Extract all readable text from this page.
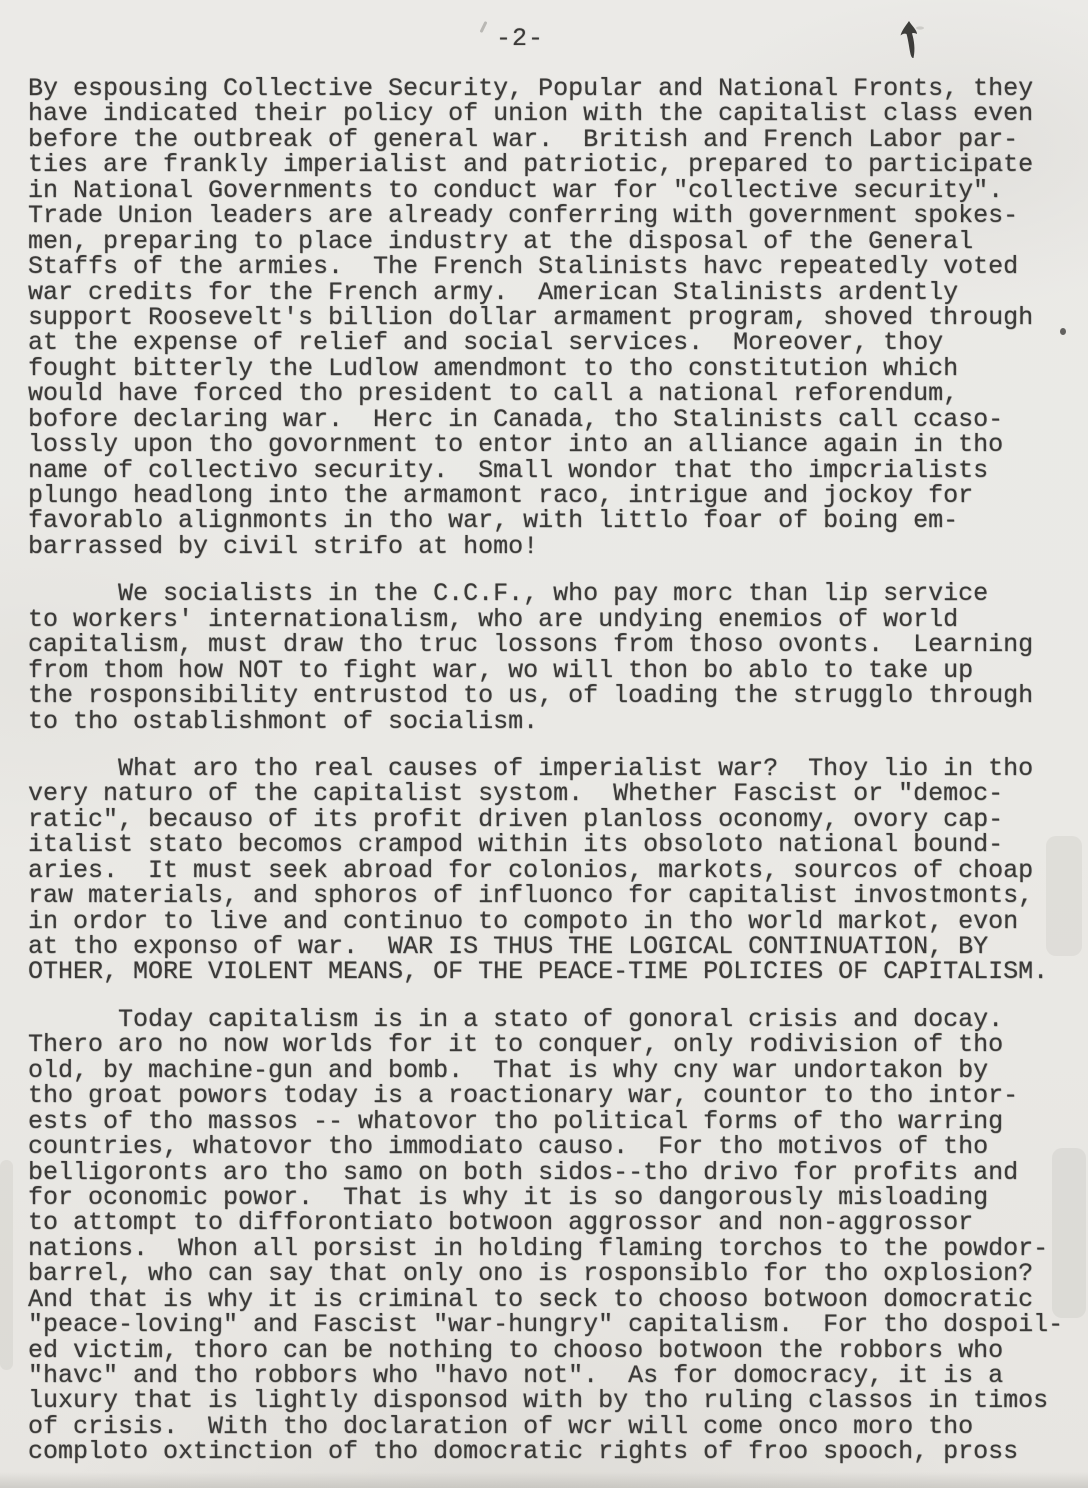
-2-
By espousing Collective Security, Popular and National Fronts, they
have indicated their policy of union with the capitalist class even
before the outbreak of general war.  British and French Labor par-
ties are frankly imperialist and patriotic, prepared to participate
in National Governments to conduct war for "collective security".
Trade Union leaders are already conferring with government spokes-
men, preparing to place industry at the disposal of the General
Staffs of the armies.  The French Stalinists havc repeatedly voted
war credits for the French army.  American Stalinists ardently
support Roosevelt's billion dollar armament program, shoved through
at the expense of relief and social services.  Moreover, thoy
fought bitterly the Ludlow amendmont to tho constitution which
would have forced tho president to call a national reforendum,
bofore declaring war.  Herc in Canada, tho Stalinists call ccaso-
lossly upon tho govornment to entor into an alliance again in tho
name of collectivo security.  Small wondor that tho impcrialists
plungo headlong into the armamont raco, intrigue and jockoy for
favorablo alignmonts in tho war, with littlo foar of boing em-
barrassed by civil strifo at homo!
We socialists in the C.C.F., who pay morc than lip service
to workers' internationalism, who are undying enemios of world
capitalism, must draw tho truc lossons from thoso ovonts.  Learning
from thom how NOT to fight war, wo will thon bo ablo to take up
the rosponsibility entrustod to us, of loading the strugglo through
to tho ostablishmont of socialism.
What aro tho real causes of imperialist war?  Thoy lio in tho
very naturo of the capitalist systom.  Whether Fascist or "democ-
ratic", becauso of its profit driven planloss oconomy, ovory cap-
italist stato becomos crampod within its obsoloto national bound-
aries.  It must seek abroad for colonios, markots, sourcos of choap
raw materials, and sphoros of influonco for capitalist invostmonts,
in ordor to live and continuo to compoto in tho world markot, evon
at tho exponso of war.  WAR IS THUS THE LOGICAL CONTINUATION, BY
OTHER, MORE VIOLENT MEANS, OF THE PEACE-TIME POLICIES OF CAPITALISM.
Today capitalism is in a stato of gonoral crisis and docay.
Thero aro no now worlds for it to conquer, only rodivision of tho
old, by machine-gun and bomb.  That is why cny war undortakon by
tho groat powors today is a roactionary war, countor to tho intor-
ests of tho massos -- whatovor tho political forms of tho warring
countries, whatovor tho immodiato causo.  For tho motivos of tho
belligoronts aro tho samo on both sidos--tho drivo for profits and
for oconomic powor.  That is why it is so dangorously misloading
to attompt to difforontiato botwoon aggrossor and non-aggrossor
nations.  Whon all porsist in holding flaming torchos to the powdor-
barrel, who can say that only ono is rosponsiblo for tho oxplosion?
And that is why it is criminal to seck to chooso botwoon domocratic
"peace-loving" and Fascist "war-hungry" capitalism.  For tho dospoil-
ed victim, thoro can be nothing to chooso botwoon the robbors who
"havc" and tho robbors who "havo not".  As for domocracy, it is a
luxury that is lightly disponsod with by tho ruling classos in timos
of crisis.  With tho doclaration of wcr will come onco moro tho
comploto oxtinction of tho domocratic rights of froo spooch, pross
